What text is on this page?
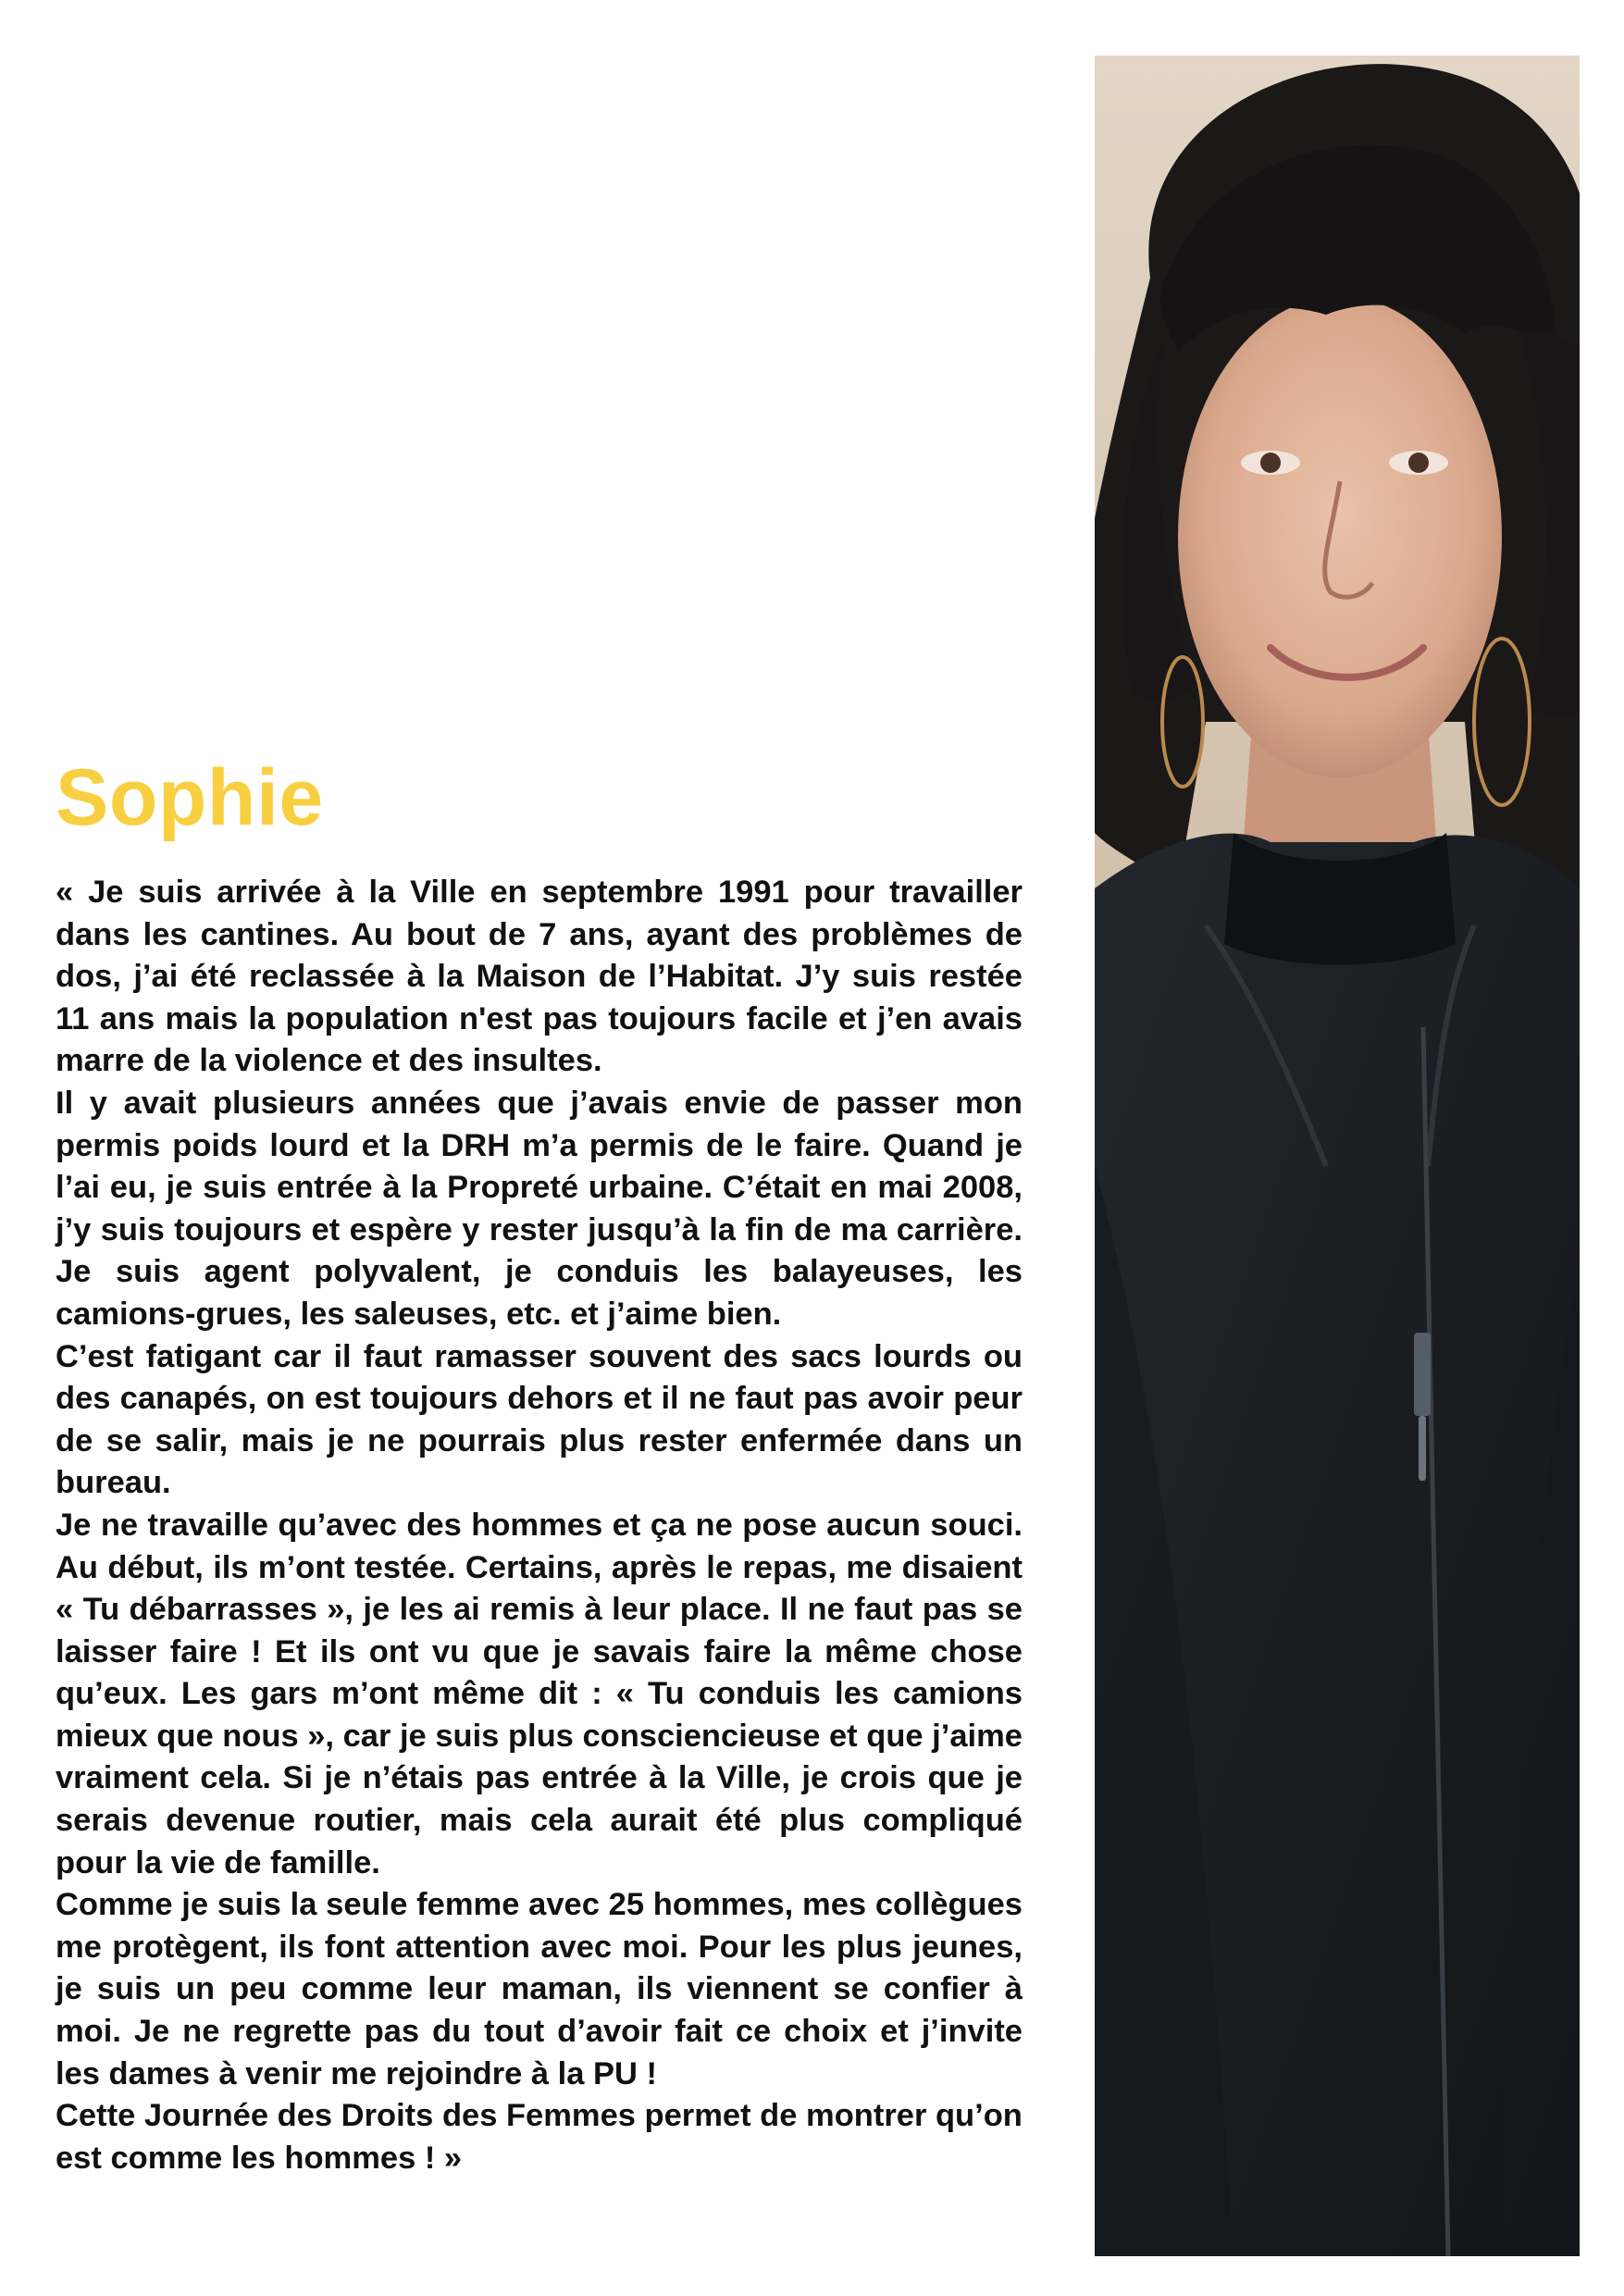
Sophie

« Je suis arrivée à la Ville en septembre 1991 pour travailler dans les cantines. Au bout de 7 ans, ayant des problèmes de dos, j’ai été reclassée à la Maison de l’Habitat. J’y suis restée 11 ans mais la population n'est pas toujours facile et j’en avais marre de la violence et des insultes.

Il y avait plusieurs années que j’avais envie de passer mon permis poids lourd et la DRH m’a permis de le faire. Quand je l’ai eu, je suis entrée à la Propreté urbaine. C’était en mai 2008, j’y suis toujours et espère y rester jusqu’à la fin de ma carrière. Je suis agent polyvalent, je conduis les balayeuses, les camions-grues, les saleuses, etc. et j’aime bien.

C’est fatigant car il faut ramasser souvent des sacs lourds ou des canapés, on est toujours dehors et il ne faut pas avoir peur de se salir, mais je ne pourrais plus rester enfermée dans un bureau.

Je ne travaille qu’avec des hommes et ça ne pose aucun souci. Au début, ils m’ont testée. Certains, après le repas, me disaient « Tu débarrasses », je les ai remis à leur place. Il ne faut pas se laisser faire ! Et ils ont vu que je savais faire la même chose qu’eux. Les gars m’ont même dit : « Tu conduis les camions mieux que nous », car je suis plus consciencieuse et que j’aime vraiment cela. Si je n’étais pas entrée à la Ville, je crois que je serais devenue routier, mais cela aurait été plus compliqué pour la vie de famille.

Comme je suis la seule femme avec 25 hommes, mes collègues me protègent, ils font attention avec moi. Pour les plus jeunes, je suis un peu comme leur maman, ils viennent se confier à moi. Je ne regrette pas du tout d’avoir fait ce choix et j’invite les dames à venir me rejoindre à la PU !

Cette Journée des Droits des Femmes permet de montrer qu’on est comme les hommes ! »
